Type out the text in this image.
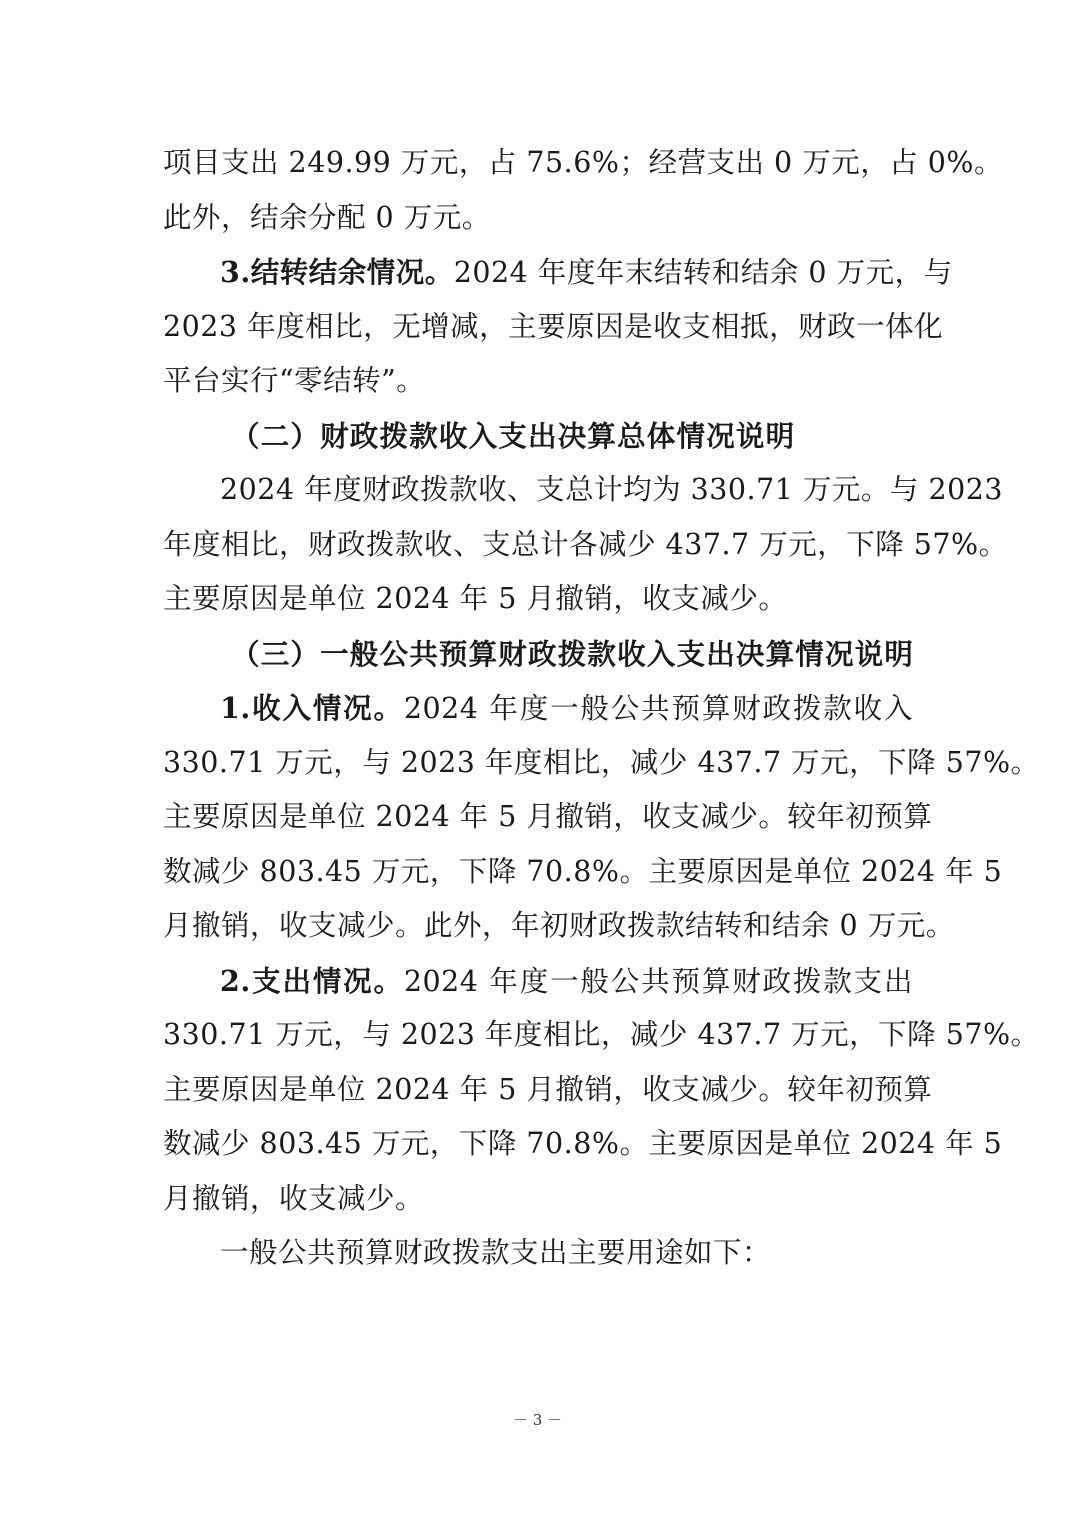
项目支出 249.99 万元，占 75.6%；经营支出 0 万元，占 0%。
此外，结余分配 0 万元。
3.结转结余情况。2024 年度年末结转和结余 0 万元，与
2023 年度相比，无增减，主要原因是收支相抵，财政一体化
平台实行“零结转”。
（二）财政拨款收入支出决算总体情况说明
2024 年度财政拨款收、支总计均为 330.71 万元。与 2023
年度相比，财政拨款收、支总计各减少 437.7 万元，下降 57%。
主要原因是单位 2024 年 5 月撤销，收支减少。
（三）一般公共预算财政拨款收入支出决算情况说明
1.收入情况。2024 年度一般公共预算财政拨款收入
330.71 万元，与 2023 年度相比，减少 437.7 万元，下降 57%。
主要原因是单位 2024 年 5 月撤销，收支减少。较年初预算
数减少 803.45 万元，下降 70.8%。主要原因是单位 2024 年 5
月撤销，收支减少。此外，年初财政拨款结转和结余 0 万元。
2.支出情况。2024 年度一般公共预算财政拨款支出
330.71 万元，与 2023 年度相比，减少 437.7 万元，下降 57%。
主要原因是单位 2024 年 5 月撤销，收支减少。较年初预算
数减少 803.45 万元，下降 70.8%。主要原因是单位 2024 年 5
月撤销，收支减少。
一般公共预算财政拨款支出主要用途如下：
－ 3 －
